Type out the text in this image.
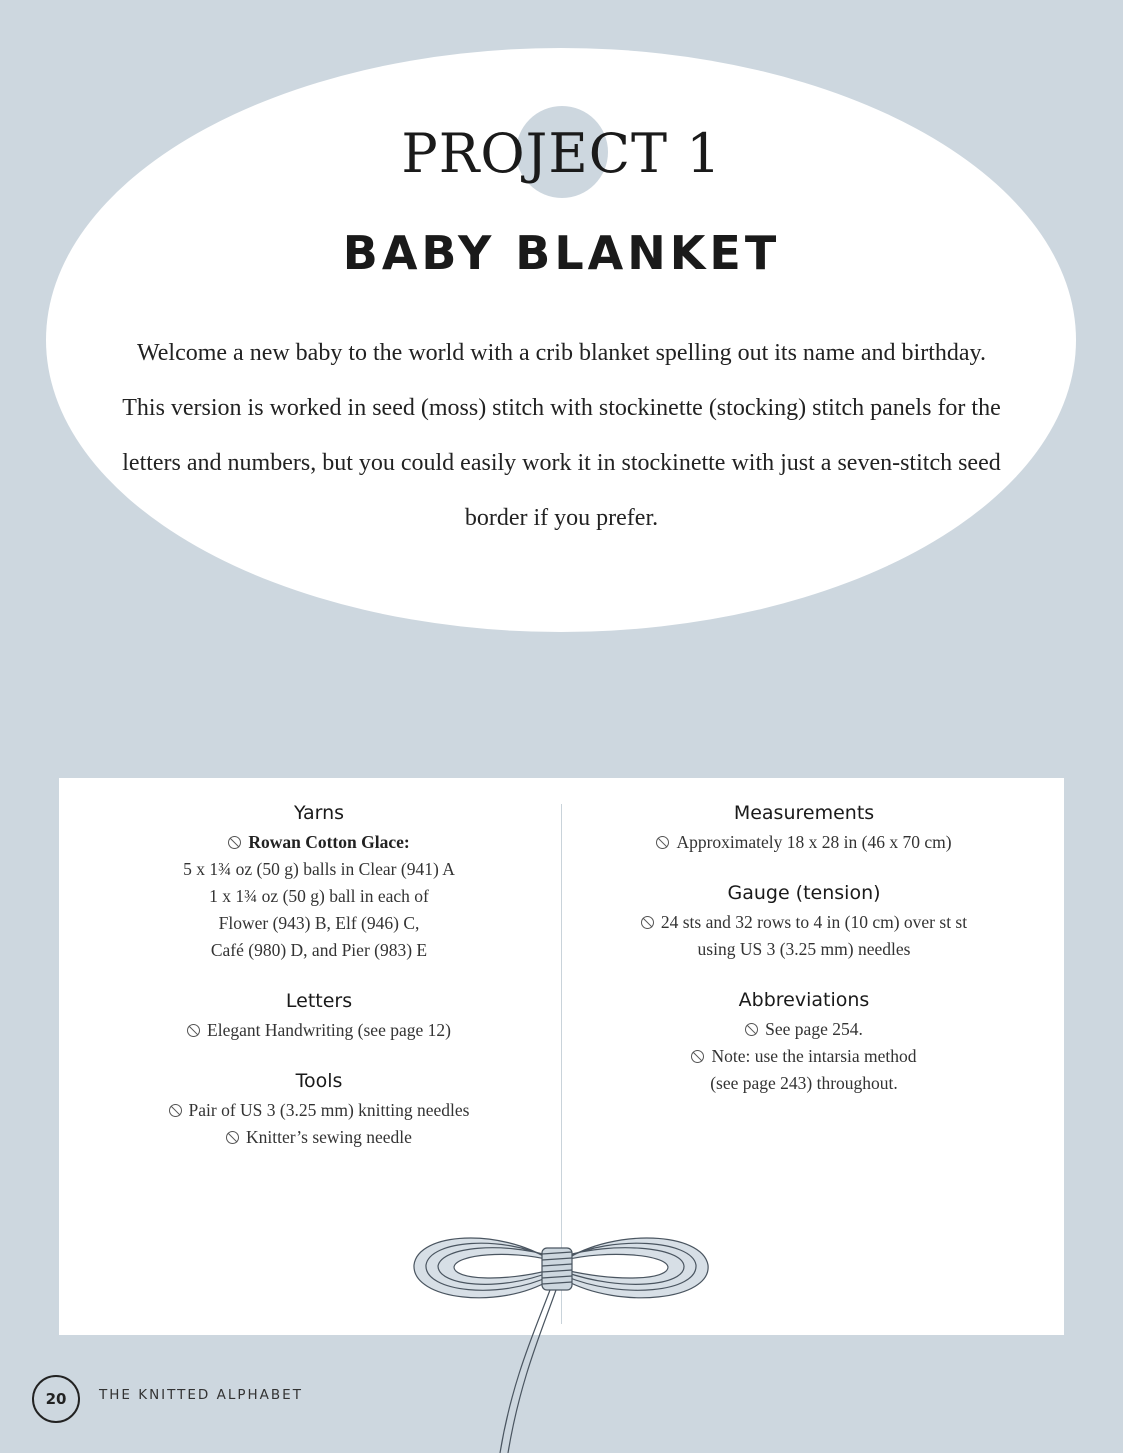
PROJECT 1
BABY BLANKET

Welcome a new baby to the world with a crib blanket spelling out its name and birthday. This version is worked in seed (moss) stitch with stockinette (stocking) stitch panels for the letters and numbers, but you could easily work it in stockinette with just a seven-stitch seed border if you prefer.

Yarns

Rowan Cotton Glace:

5 x 1¾ oz (50 g) balls in Clear (941) A

1 x 1¾ oz (50 g) ball in each of

Flower (943) B, Elf (946) C,

Café (980) D, and Pier (983) E

Letters

Elegant Handwriting (see page 12)

Tools

Pair of US 3 (3.25 mm) knitting needles

Knitter’s sewing needle

Measurements

Approximately 18 x 28 in (46 x 70 cm)

Gauge (tension)

24 sts and 32 rows to 4 in (10 cm) over st st

using US 3 (3.25 mm) needles

Abbreviations

See page 254.

Note: use the intarsia method

(see page 243) throughout.

20	THE KNITTED ALPHABET
